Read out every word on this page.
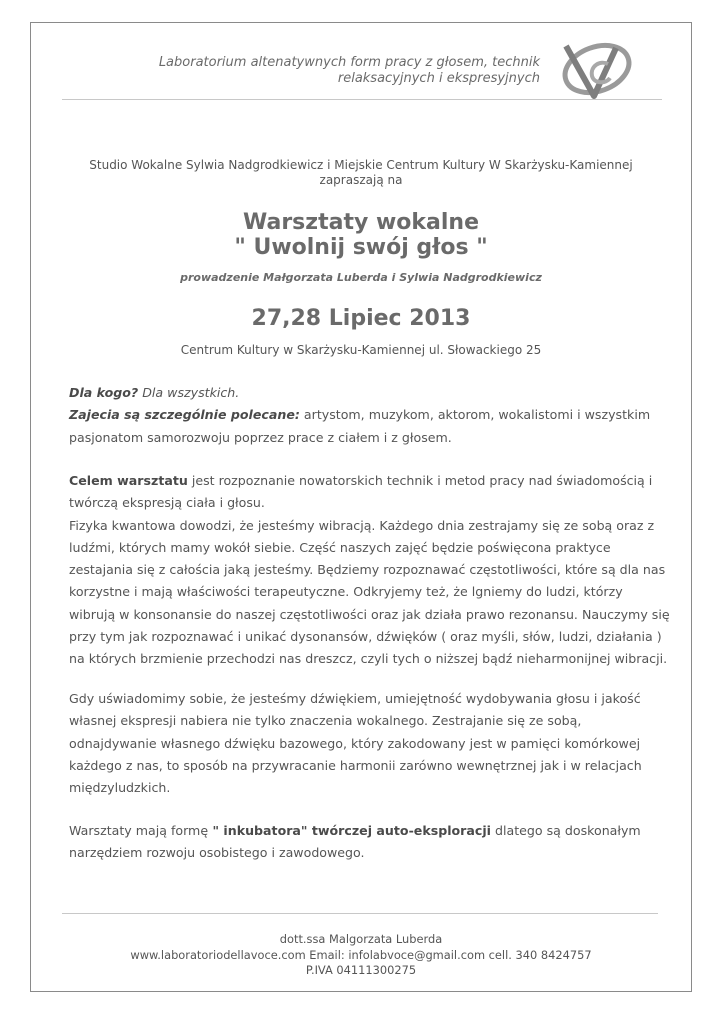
Laboratorium altenatywnych form pracy z głosem, technik
relaksacyjnych i ekspresyjnych
Studio Wokalne Sylwia Nadgrodkiewicz i Miejskie Centrum Kultury W Skarżysku-Kamiennej
zapraszają na
Warsztaty wokalne
" Uwolnij swój głos "
prowadzenie Małgorzata Luberda i Sylwia Nadgrodkiewicz
27,28 Lipiec 2013
Centrum Kultury w Skarżysku-Kamiennej ul. Słowackiego 25

Dla kogo? Dla wszystkich.

Zajecia są szczególnie polecane: artystom, muzykom, aktorom, wokalistomi i wszystkim

pasjonatom samorozwoju poprzez prace z ciałem i z głosem.

Celem warsztatu jest rozpoznanie nowatorskich technik i metod pracy nad świadomością i

twórczą ekspresją ciała i głosu.

Fizyka kwantowa dowodzi, że jesteśmy wibracją. Każdego dnia zestrajamy się ze sobą oraz z

ludźmi, których mamy wokół siebie. Część naszych zajęć będzie poświęcona praktyce

zestajania się z całościa jaką jesteśmy. Będziemy rozpoznawać częstotliwości, które są dla nas

korzystne i mają właściwości terapeutyczne. Odkryjemy też, że lgniemy do ludzi, którzy

wibrują w konsonansie do naszej częstotliwości oraz jak działa prawo rezonansu. Nauczymy się

przy tym jak rozpoznawać i unikać dysonansów, dźwięków ( oraz myśli, słów, ludzi, działania )

na których brzmienie przechodzi nas dreszcz, czyli tych o niższej bądź nieharmonijnej wibracji.

Gdy uświadomimy sobie, że jesteśmy dźwiękiem, umiejętność wydobywania głosu i jakość

własnej ekspresji nabiera nie tylko znaczenia wokalnego. Zestrajanie się ze sobą,

odnajdywanie własnego dźwięku bazowego, który zakodowany jest w pamięci komórkowej

każdego z nas, to sposób na przywracanie harmonii zarówno wewnętrznej jak i w relacjach

międzyludzkich.

Warsztaty mają formę " inkubatora" twórczej auto-eksploracji dlatego są doskonałym

narzędziem rozwoju osobistego i zawodowego.

dott.ssa Malgorzata Luberda
www.laboratoriodellavoce.com Email: infolabvoce@gmail.com cell. 340 8424757
P.IVA 04111300275
